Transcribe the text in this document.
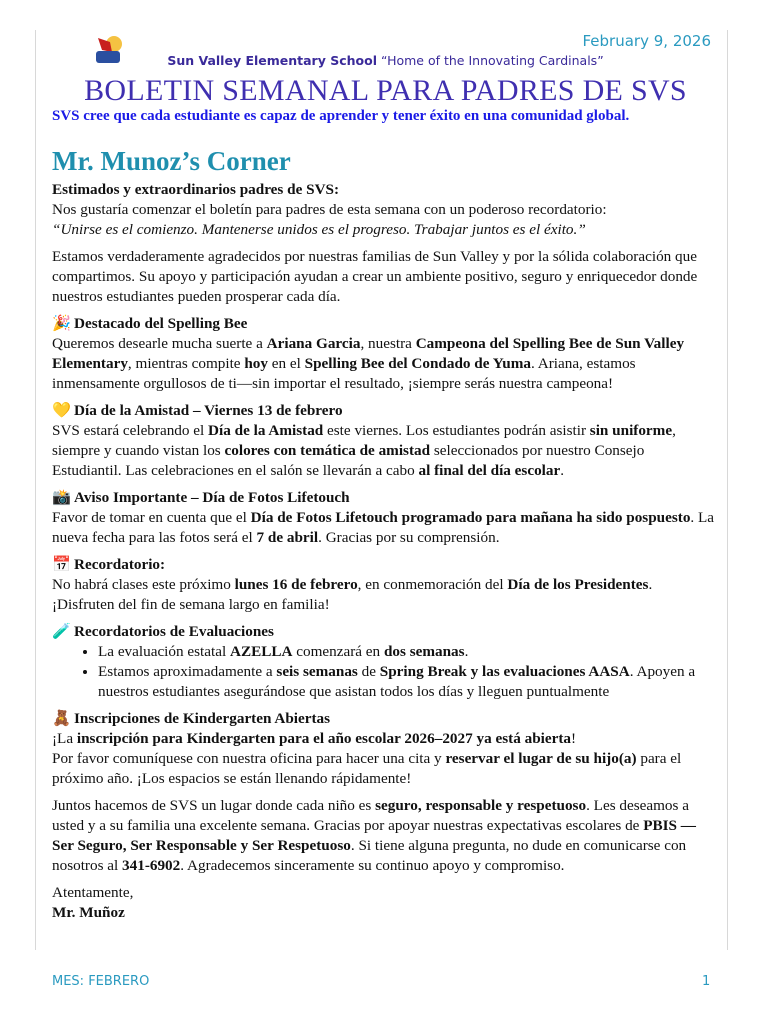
February 9, 2026
Sun Valley Elementary School “Home of the Innovating Cardinals”
BOLETIN SEMANAL PARA PADRES DE SVS
SVS cree que cada estudiante es capaz de aprender y tener éxito en una comunidad global.
Mr. Munoz’s Corner

Estimados y extraordinarios padres de SVS:
Nos gustaría comenzar el boletín para padres de esta semana con un poderoso recordatorio:
“Unirse es el comienzo. Mantenerse unidos es el progreso. Trabajar juntos es el éxito.”

Estamos verdaderamente agradecidos por nuestras familias de Sun Valley y por la sólida colaboración que compartimos. Su apoyo y participación ayudan a crear un ambiente positivo, seguro y enriquecedor donde nuestros estudiantes pueden prosperar cada día.

🎉 Destacado del Spelling Bee

Queremos desearle mucha suerte a Ariana Garcia, nuestra Campeona del Spelling Bee de Sun Valley Elementary, mientras compite hoy en el Spelling Bee del Condado de Yuma. Ariana, estamos inmensamente orgullosos de ti—sin importar el resultado, ¡siempre serás nuestra campeona!

💛 Día de la Amistad – Viernes 13 de febrero

SVS estará celebrando el Día de la Amistad este viernes. Los estudiantes podrán asistir sin uniforme, siempre y cuando vistan los colores con temática de amistad seleccionados por nuestro Consejo Estudiantil. Las celebraciones en el salón se llevarán a cabo al final del día escolar.

📸 Aviso Importante – Día de Fotos Lifetouch

Favor de tomar en cuenta que el Día de Fotos Lifetouch programado para mañana ha sido pospuesto. La nueva fecha para las fotos será el 7 de abril. Gracias por su comprensión.

📅 Recordatorio:

No habrá clases este próximo lunes 16 de febrero, en conmemoración del Día de los Presidentes. ¡Disfruten del fin de semana largo en familia!

🧪 Recordatorios de Evaluaciones
• La evaluación estatal AZELLA comenzará en dos semanas.
• Estamos aproximadamente a seis semanas de Spring Break y las evaluaciones AASA. Apoyen a nuestros estudiantes asegurándose que asistan todos los días y lleguen puntualmente
🧸 Inscripciones de Kindergarten Abiertas

¡La inscripción para Kindergarten para el año escolar 2026–2027 ya está abierta!
Por favor comuníquese con nuestra oficina para hacer una cita y reservar el lugar de su hijo(a) para el próximo año. ¡Los espacios se están llenando rápidamente!

Juntos hacemos de SVS un lugar donde cada niño es seguro, responsable y respetuoso. Les deseamos a usted y a su familia una excelente semana. Gracias por apoyar nuestras expectativas escolares de PBIS — Ser Seguro, Ser Responsable y Ser Respetuoso. Si tiene alguna pregunta, no dude en comunicarse con nosotros al 341-6902. Agradecemos sinceramente su continuo apoyo y compromiso.

Atentamente,
Mr. Muñoz

MES: FEBRERO	1
